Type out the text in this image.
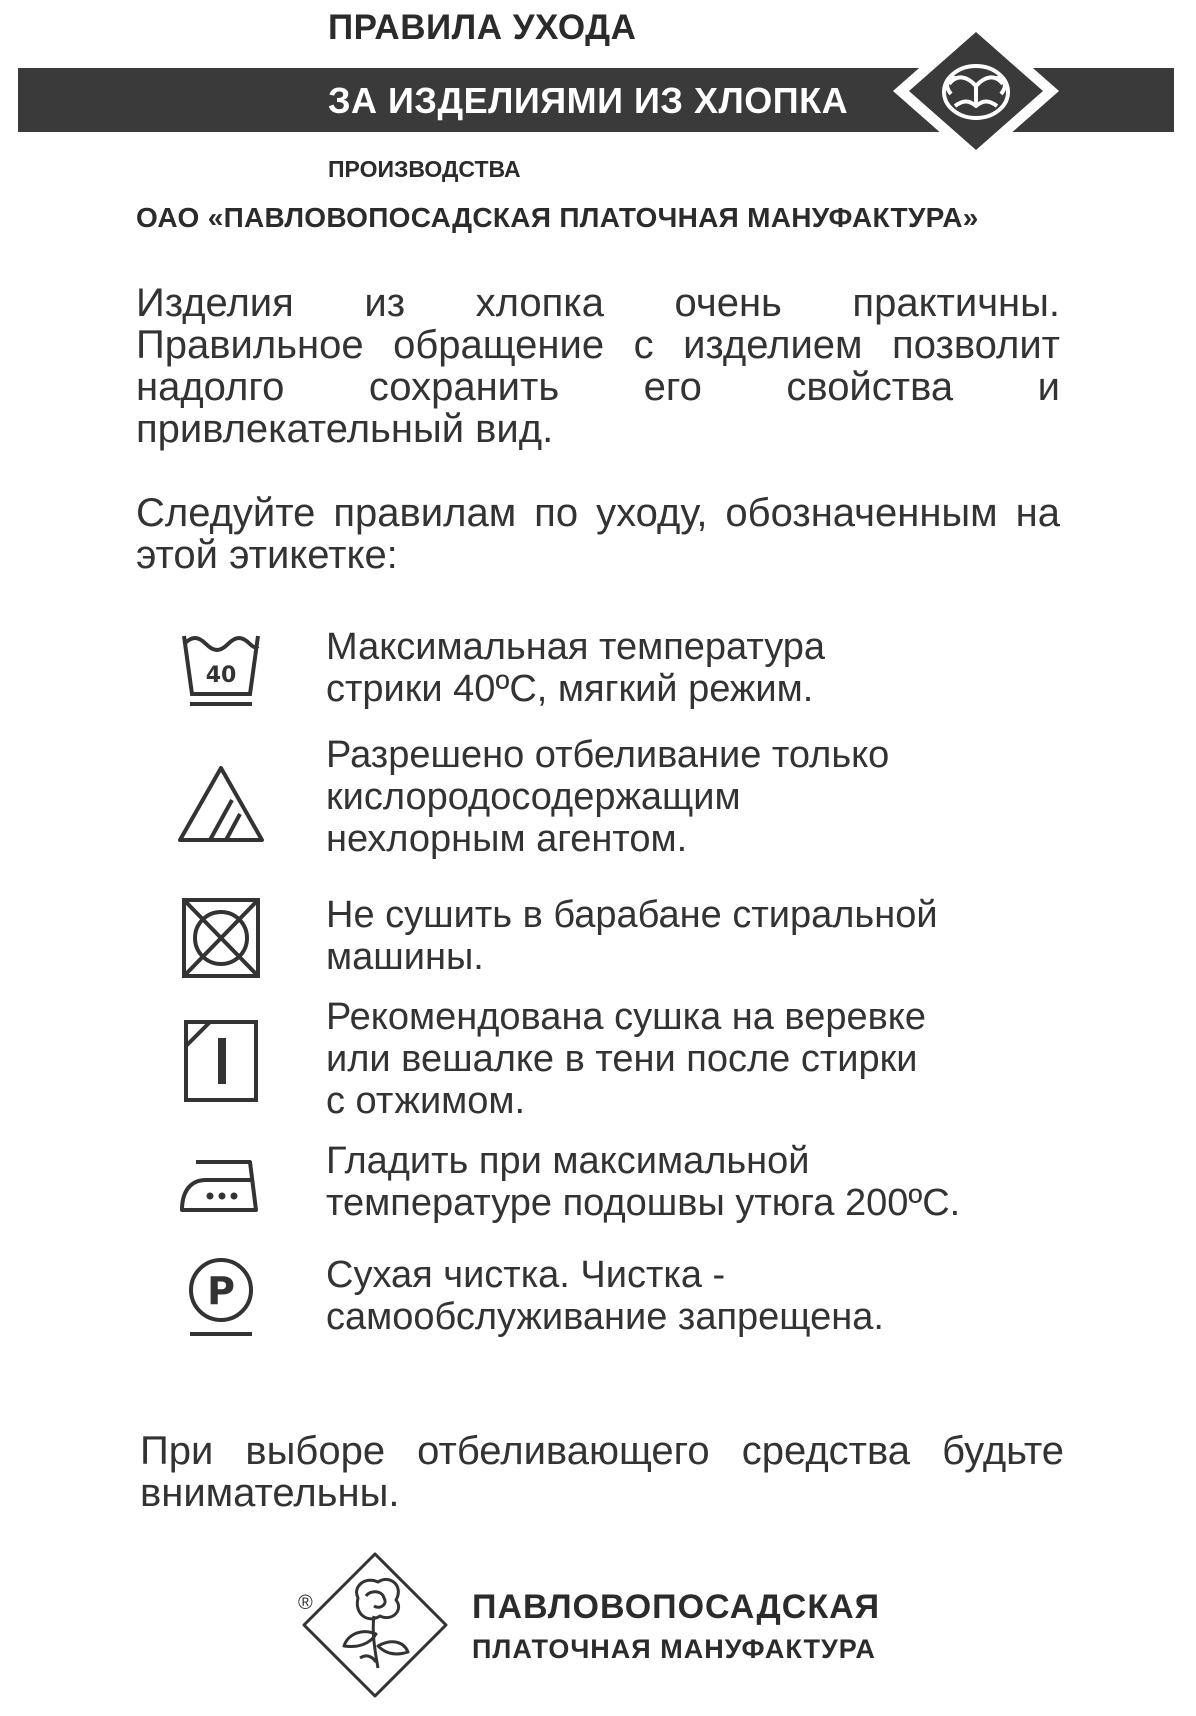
ПРАВИЛА УХОДА
ЗА ИЗДЕЛИЯМИ ИЗ ХЛОПКА
ПРОИЗВОДСТВА
ОАО «ПАВЛОВОПОСАДСКАЯ ПЛАТОЧНАЯ МАНУФАКТУРА»
Изделия из хлопка очень практичны. Правильное обращение с изделием позволит надолго сохранить его свойства и привлекательный вид.
Следуйте правилам по уходу, обозначенным на этой этикетке:
40
Максимальная температура
стрики 40ºС, мягкий режим.
Разрешено отбеливание только
кислородосодержащим
нехлорным агентом.
Не сушить в барабане стиральной
машины.
Рекомендована сушка на веревке
или вешалке в тени после стирки
с отжимом.
Гладить при максимальной
температуре подошвы утюга 200ºС.
P Сухая чистка. Чистка -
самообслуживание запрещена.
При выборе отбеливающего средства будьте внимательны.
®	ПАВЛОВОПОСАДСКАЯ
ПЛАТОЧНАЯ МАНУФАКТУРА
